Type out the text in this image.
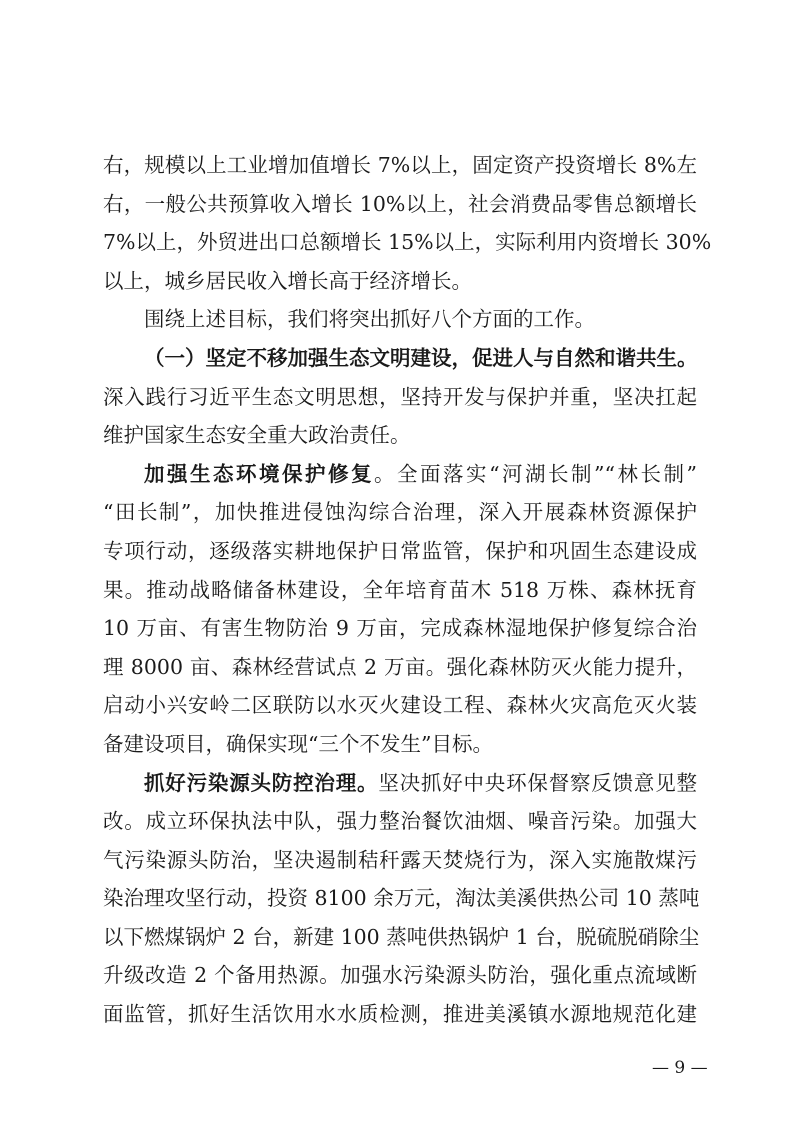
右，规模以上工业增加值增长 7%以上，固定资产投资增长 8%左
右，一般公共预算收入增长 10%以上，社会消费品零售总额增长
7%以上，外贸进出口总额增长 15%以上，实际利用内资增长 30%
以上，城乡居民收入增长高于经济增长。
围绕上述目标，我们将突出抓好八个方面的工作。
（一）坚定不移加强生态文明建设，促进人与自然和谐共生。
深入践行习近平生态文明思想，坚持开发与保护并重，坚决扛起
维护国家生态安全重大政治责任。
加强生态环境保护修复。全面落实“河湖长制”“林长制”
“田长制”，加快推进侵蚀沟综合治理，深入开展森林资源保护
专项行动，逐级落实耕地保护日常监管，保护和巩固生态建设成
果。推动战略储备林建设，全年培育苗木 518 万株、森林抚育
10 万亩、有害生物防治 9 万亩，完成森林湿地保护修复综合治
理 8000 亩、森林经营试点 2 万亩。强化森林防灭火能力提升，
启动小兴安岭二区联防以水灭火建设工程、森林火灾高危灭火装
备建设项目，确保实现“三个不发生”目标。
抓好污染源头防控治理。坚决抓好中央环保督察反馈意见整
改。成立环保执法中队，强力整治餐饮油烟、噪音污染。加强大
气污染源头防治，坚决遏制秸秆露天焚烧行为，深入实施散煤污
染治理攻坚行动，投资 8100 余万元，淘汰美溪供热公司 10 蒸吨
以下燃煤锅炉 2 台，新建 100 蒸吨供热锅炉 1 台，脱硫脱硝除尘
升级改造 2 个备用热源。加强水污染源头防治，强化重点流域断
面监管，抓好生活饮用水水质检测，推进美溪镇水源地规范化建
— 9 —
